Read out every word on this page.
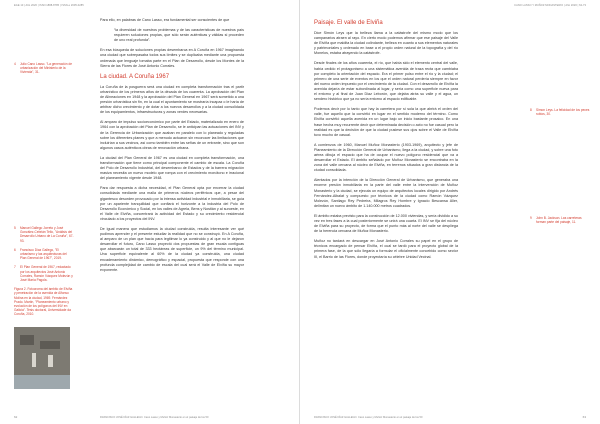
EGE 13 | Año 2020 | ISSN 1888-8785 | ISSN-e 2605-0285
4	Julio Cano Lasso. "La generación de urbanización del Ministerio de la Vivienda", 31.
5	Manuel Gallego Jorreto y José González-Cebrián Tello, "Análisis del Desarrollo Urbano de La Coruña", 67-93.
6	Francisco Díaz Gallego, "El urbanismo y las arquitecturas del Plan General de 1967", 2019.
7	El Plan General de 1967, redactado por los arquitectos José Antonio Corrales, Ramón Vázquez Molezún y José María Pagola.
Figura 2. Fotocroma del ámbito de Elviña y penetración de la avenida de Alfonso Molina en la ciudad, 1969. Fernández Prado. Martín, "Planeamiento urbano y evolución de los polígonos del INV en Galicia". Tesis doctoral, Universidade da Coruña, 2010.

Para ello, en palabras de Cano Lasso, era fundamental ser conscientes de que

“la diversidad de nuestros problemas y de las características de nuestros país requieren soluciones propias, que sólo serán auténticas y válidas si proceden de uno real profunda”.

En esa búsqueda de soluciones propias desembarca en A Coruña en 1967 imaginando una ciudad que sobrepasaba todos sus límites y se duplicaba mediante una propuesta ordenada que lenguaje tomaba parte en el Plan de Desarrollo, desde los Montes de la Sierra de las Flores de José Antonio Corrales.

La ciudad. A Coruña 1967

La Coruña de la posguerra será una ciudad en completa transformación tras el partir urbanístico de los primeros años de la década de los cuarenta. La aprobación del Plan de Alineaciones en 1948 y la aprobación del Plan General en 1967 será sometido a una presión urbanística sin fin, en la cual el ayuntamiento se mostraría incapaz o le haría de arbitrar dicho crecimiento y de dotar a los nuevos desarrollos y a la ciudad consolidada de los equipamientos, infraestructuras y zonas verdes necesarias.

Al amparo de impulso socioeconómico por parte del Estado, materializado en enero de 1964 con la aprobación del Plan de Desarrollo, se le anticipan las actuaciones del INV y de la Gerencia de Urbanización que acaban en paralelo con lo planeado y reguladas sobre los diferentes planes y que a menudo actuaron sin reconocer las limitaciones que incluirían a sus vecinos, así como también entre las señas de un entrante, sino que son algunos casos auténticos obras de renovación urbana.

La ciudad del Plan General de 1967 es una ciudad en completa transformación, una transformación que tiene como principal componente el cambio de escala. La Coruña del Polo de Desarrollo Industrial, del desembarco de Estados y de la barrera migración masiva necesita un nuevo modelo que rompa con el crecimiento monótono e irracional del planeamiento vigente desde 1948.

Para dar respuesta a dicha necesidad, el Plan General opta por encerrar la ciudad consolidada mediante una malla de primeros núcleos periféricos que, a pesar del gigantesco desorden provocado por la intensa actividad industrial e inmobiliaria, se guía por un apariente tranquilidad que confiará el horizonte a la industria del Polo de Desarrollo Económico y Social, en los valles de Agrela, Bens y Nostián y al suroeste, en el Valle de Elviña, concentrará la actividad del Estado y su crecimiento residencial vinculado a los proyectos del INV.

De igual manera que estudiamos la ciudad construida, resulta interesante ver qué pudimos aprender y el presente estudiar la realidad que no se construyó. En A Coruña, al amparo de un plan que hacía para legitimar lo ya construido y al que no le dejaron desarrollar el futuro, Cano Lasso proyectó dos propuestas de gran escala contiguas que abarcarán un total de 333 hectáreas de superficie, un 9% del término municipal. Una superficie equivalente al 60% de la ciudad ya construida, una ciudad encadenamiento dinámico, demográfico y espacial, propuesta que responde con una profunda complejidad de cambio de escala del cual será el Valle de Elviña su mayor exponente.

62	FRANCISCO JOSÉ DÍAZ GALLEGO. Cano Lasso y Muñoz Monasterio en el paisaje de los 50
CANO LASSO Y MUÑOZ MONASTERIO | Año 2020 | 62-73
Paisaje. El valle de Elviña

Dice Simón Leys que la belleza llama a la catástrofe del mismo modo que los campanarios atraen al rayo. En cierto modo podemos afirmar que ese paisaje del Valle de Elviña que maldita la ciudad colindante, belleza en cuanto a sus elementos naturales y patrimoniales y ordenado en base a el propio orden natural de la topografía y del río Monelos, estaba atrayendo la catástrofe.

Desde finales de los años cuarenta, el río, que había sido el elemento central del valle, había cedido el protagonismo a una sistemática avenida de traza recta que cambiaba por completo la orientación del espacio. Era el primer pulso entre el río y la ciudad; el primero de una serie de eventos en los que el orden natural perdería siempre en favor del nuevo orden impuesto por el crecimiento de la ciudad. Con el desarrollo de Elviña la avenida dejaría de estar subordinada al lugar, y sería como una superficie nueva para el entorno y al final de Juan Diaz Leborón, que dejaba atrás su valle y el agua, un sendero histórico que ya no sería entorno al espacio edificable.

Podemos decir por lo tanto que hay la carretera por sí sola la que abrirá el orden del valle, fue aquello que la convirtió en lugar en el sentido moderno del término. Como Elviña convirtió aquella avenida en un lugar bajo un inicio bastante prosaico. En una frase hecha muy recurrente decir que determinada decisión o acto no fue casual pero la realidad es que la decisión de que la ciudad pusiese sus ojos sobre el Valle de Elviña tuvo mucho de casual.

A comienzos de 1960, Manuel Muñoz Monasterio (1903-1969), arquitecto y jefe de Planeamiento de la Dirección General de Urbanismo, llega a la ciudad, y sobre una foto aérea dibuja el espacio que ha de ocupar el nuevo polígono residencial que va a desarrollar el Estado. El ámbito señalado por Muñoz Monasterio se encontraba en la zona del valle cercana al núcleo de Elviña, en terrenos situados a gran distancia de la ciudad consolidada.

Alentados por la intención de la Dirección General de Urbanismo, que generaba una enorme presión inmobiliaria en la parte del valle entre la intervención de Muñoz Monasterio y la ciudad, se ejecuta un equipo de arquitectos locales dirigido por Andrés Fernández-Albalat y compuesto por técnicos de la ciudad como Ramón Vázquez Molezún, Santiago Rey Pedreira, Milagros Rey Hombre y Ignacio Bescansa Alier, delimitan un nuevo ámbito de 1.140.000 metros cuadrados.

El ámbito estaba previsto para la construcción de 12.000 viviendas, y sería dividido a su vez en tres fases a la cual posteriormente se unirá una cuarta. El INV se fija del núcleo de Elviña para su proyecto, de forma que el punto más al norte del valle se despliega de la herencia cercana de Muñoz Monasterio.

Muñoz no tardará en descargar en José Antonio Corrales su papel en el grupo de técnicos encargado de pensar Elviña, el cual se tardó para el proyecto global de la primera fase, de la que sólo llegaría a formular el oficialmente concebido como sector III, el Barrio de las Flores, donde proyectaría su célebre Unidad Vecinal.

8	Simon Leys. La felicidad de los peces rubios, 30.
9	John B. Jackson. Las carreteras forman parte del paisaje, 11.
FRANCISCO JOSÉ DÍAZ GALLEGO. Cano Lasso y Muñoz Monasterio en el paisaje de los 50	63
